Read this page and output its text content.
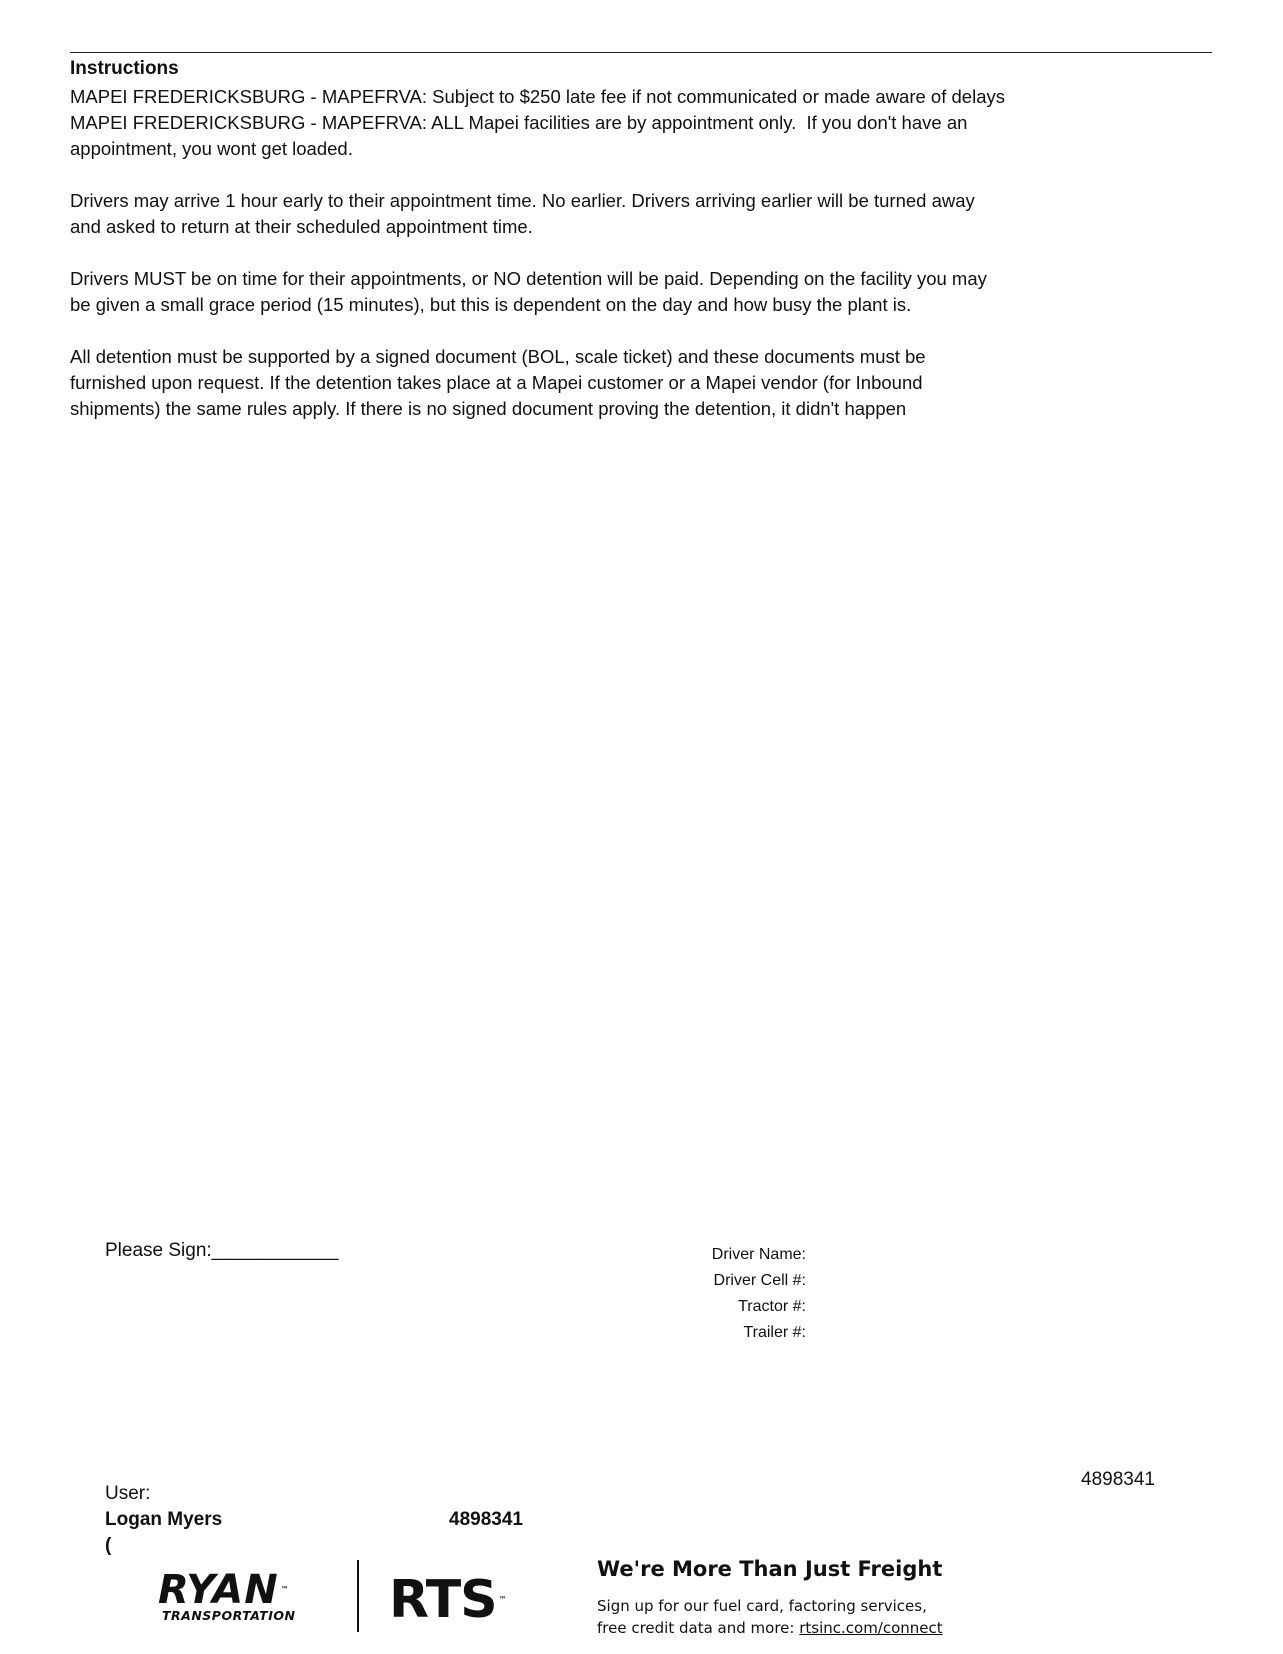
Instructions

MAPEI FREDERICKSBURG - MAPEFRVA: Subject to $250 late fee if not communicated or made aware of delays

MAPEI FREDERICKSBURG - MAPEFRVA: ALL Mapei facilities are by appointment only.  If you don't have an

appointment, you wont get loaded.

Drivers may arrive 1 hour early to their appointment time. No earlier. Drivers arriving earlier will be turned away
and asked to return at their scheduled appointment time.

Drivers MUST be on time for their appointments, or NO detention will be paid. Depending on the facility you may
be given a small grace period (15 minutes), but this is dependent on the day and how busy the plant is.

All detention must be supported by a signed document (BOL, scale ticket) and these documents must be
furnished upon request. If the detention takes place at a Mapei customer or a Mapei vendor (for Inbound
shipments) the same rules apply. If there is no signed document proving the detention, it didn't happen

Please Sign:____________	Driver Name:
Driver Cell #:
Tractor #:
Trailer #:
4898341
User:
Logan Myers	4898341
(
RYAN ™
TRANSPORTATION RTS ™
We're More Than Just Freight
Sign up for our fuel card, factoring services,
free credit data and more: rtsinc.com/connect
